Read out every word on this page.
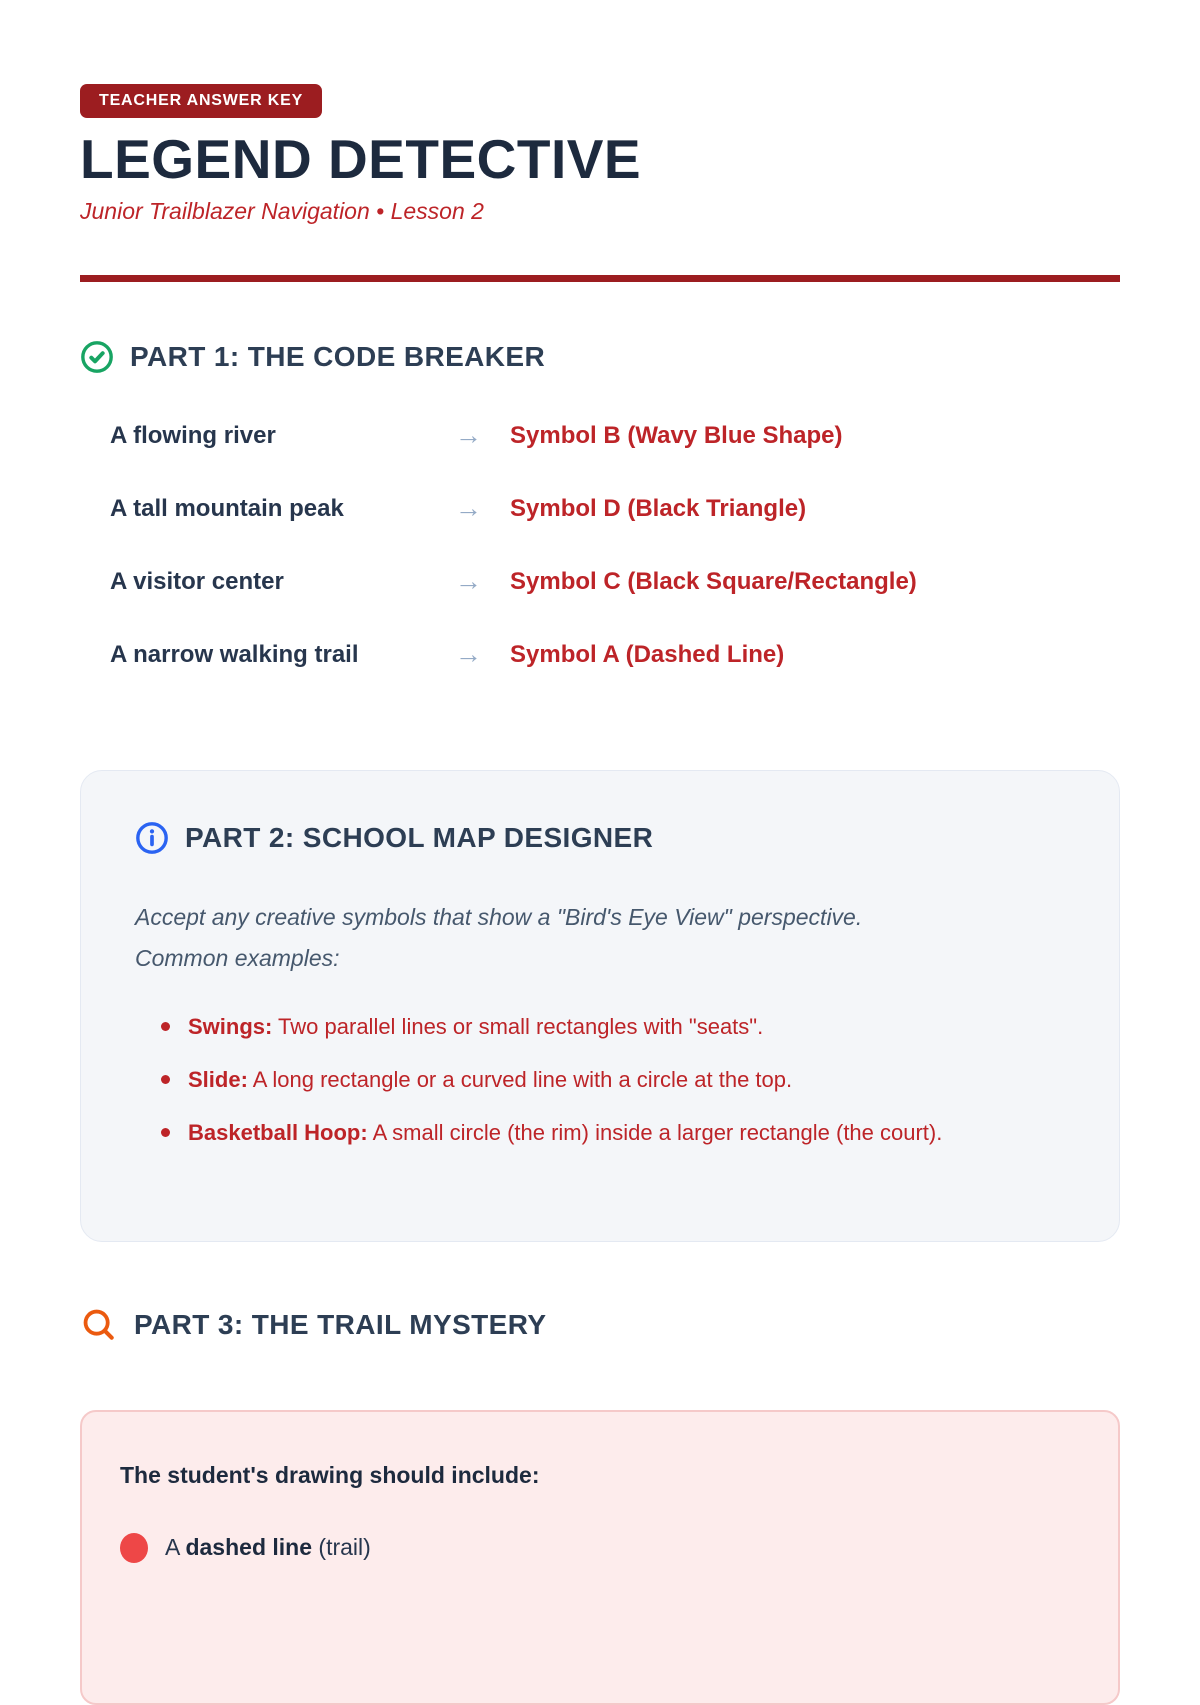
TEACHER ANSWER KEY
LEGEND DETECTIVE
Junior Trailblazer Navigation • Lesson 2
PART 1: THE CODE BREAKER
A flowing river	→	Symbol B (Wavy Blue Shape)
A tall mountain peak	→	Symbol D (Black Triangle)
A visitor center	→	Symbol C (Black Square/Rectangle)
A narrow walking trail	→	Symbol A (Dashed Line)
PART 2: SCHOOL MAP DESIGNER

Accept any creative symbols that show a "Bird's Eye View" perspective.
Common examples:

Swings: Two parallel lines or small rectangles with "seats".
Slide: A long rectangle or a curved line with a circle at the top.
Basketball Hoop: A small circle (the rim) inside a larger rectangle (the court).
PART 3: THE TRAIL MYSTERY
The student's drawing should include:
A dashed line (trail)
